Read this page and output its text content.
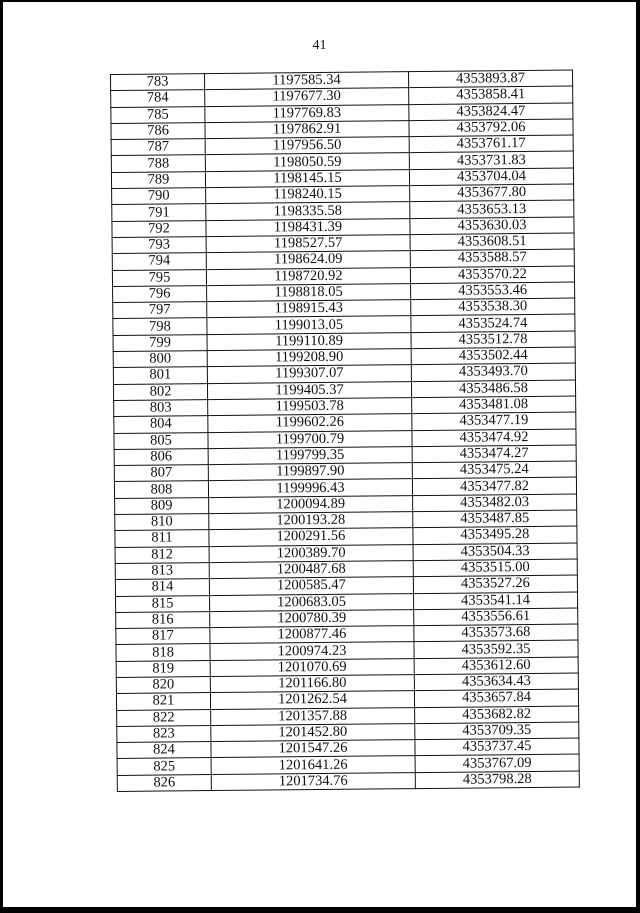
41
783	1197585.34	4353893.87
784	1197677.30	4353858.41
785	1197769.83	4353824.47
786	1197862.91	4353792.06
787	1197956.50	4353761.17
788	1198050.59	4353731.83
789	1198145.15	4353704.04
790	1198240.15	4353677.80
791	1198335.58	4353653.13
792	1198431.39	4353630.03
793	1198527.57	4353608.51
794	1198624.09	4353588.57
795	1198720.92	4353570.22
796	1198818.05	4353553.46
797	1198915.43	4353538.30
798	1199013.05	4353524.74
799	1199110.89	4353512.78
800	1199208.90	4353502.44
801	1199307.07	4353493.70
802	1199405.37	4353486.58
803	1199503.78	4353481.08
804	1199602.26	4353477.19
805	1199700.79	4353474.92
806	1199799.35	4353474.27
807	1199897.90	4353475.24
808	1199996.43	4353477.82
809	1200094.89	4353482.03
810	1200193.28	4353487.85
811	1200291.56	4353495.28
812	1200389.70	4353504.33
813	1200487.68	4353515.00
814	1200585.47	4353527.26
815	1200683.05	4353541.14
816	1200780.39	4353556.61
817	1200877.46	4353573.68
818	1200974.23	4353592.35
819	1201070.69	4353612.60
820	1201166.80	4353634.43
821	1201262.54	4353657.84
822	1201357.88	4353682.82
823	1201452.80	4353709.35
824	1201547.26	4353737.45
825	1201641.26	4353767.09
826	1201734.76	4353798.28
